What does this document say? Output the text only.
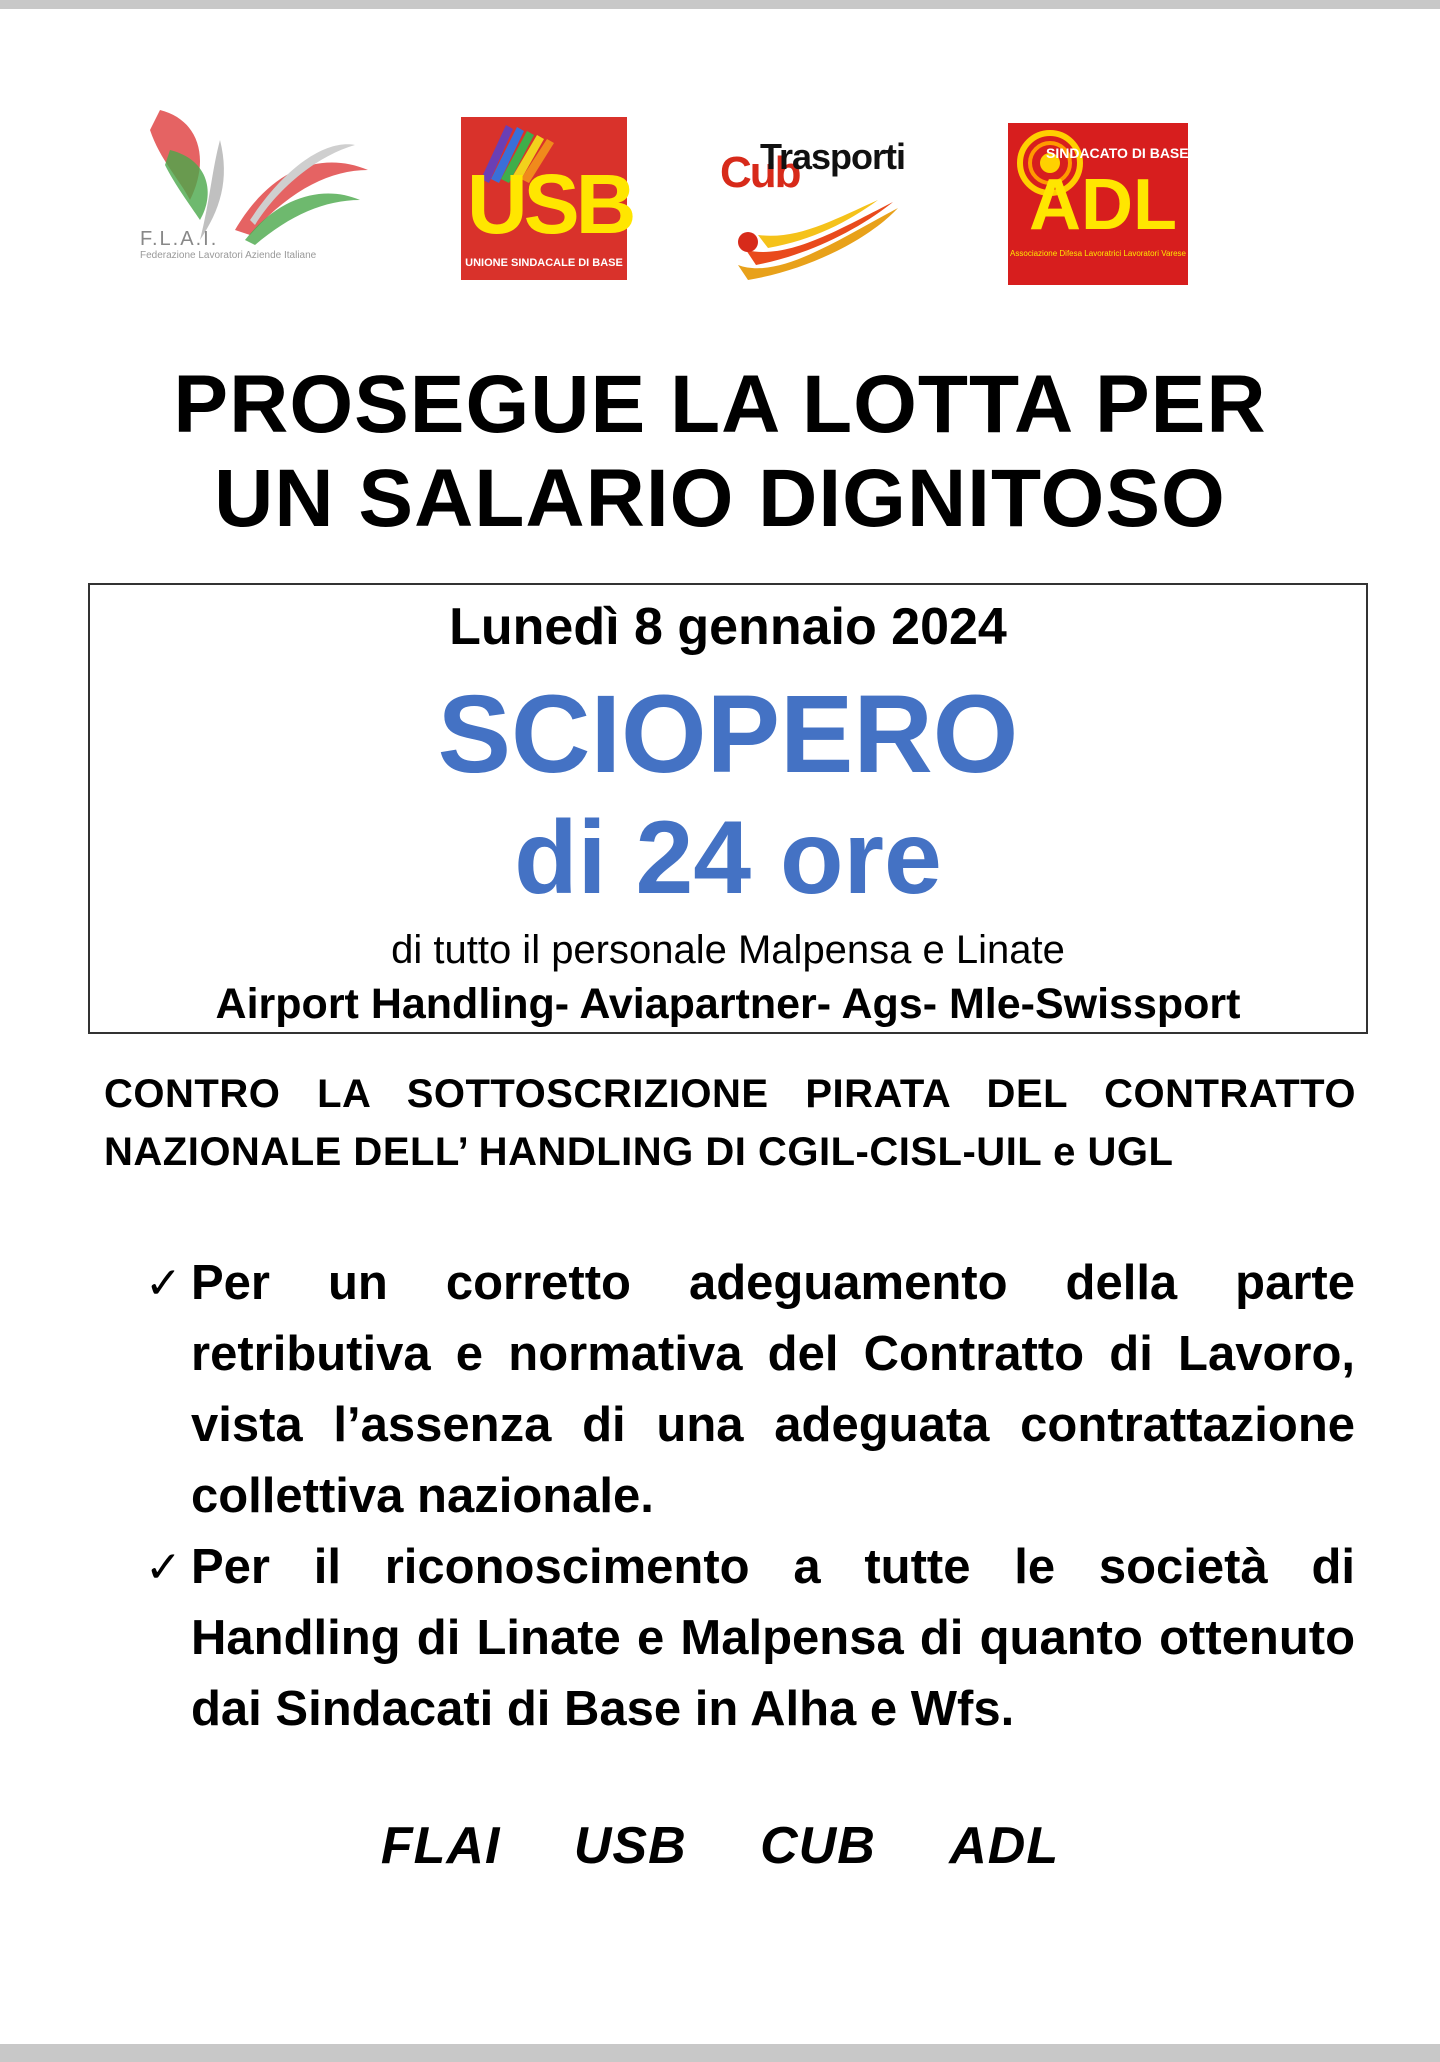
F.L.A.I.
Federazione Lavoratori Aziende Italiane
USB
UNIONE SINDACALE DI BASE
Cub
Trasporti	SINDACATO DI BASE
ADL
Associazione Difesa Lavoratrici Lavoratori Varese
PROSEGUE LA LOTTA PER
UN SALARIO DIGNITOSO
Lunedì 8 gennaio 2024
SCIOPERO
di 24 ore
di tutto il personale Malpensa e Linate
Airport Handling- Aviapartner- Ags- Mle-Swissport
CONTRO LA SOTTOSCRIZIONE PIRATA DEL CONTRATTO
NAZIONALE DELL’ HANDLING DI CGIL-CISL-UIL e UGL
✓ Per un corretto adeguamento della parte retributiva e normativa del Contratto di Lavoro, vista l’assenza di una adeguata contrattazione collettiva nazionale.
✓ Per il riconoscimento a tutte le società di Handling di Linate e Malpensa di quanto ottenuto dai Sindacati di Base in Alha e Wfs.
FLAI USB CUB ADL
